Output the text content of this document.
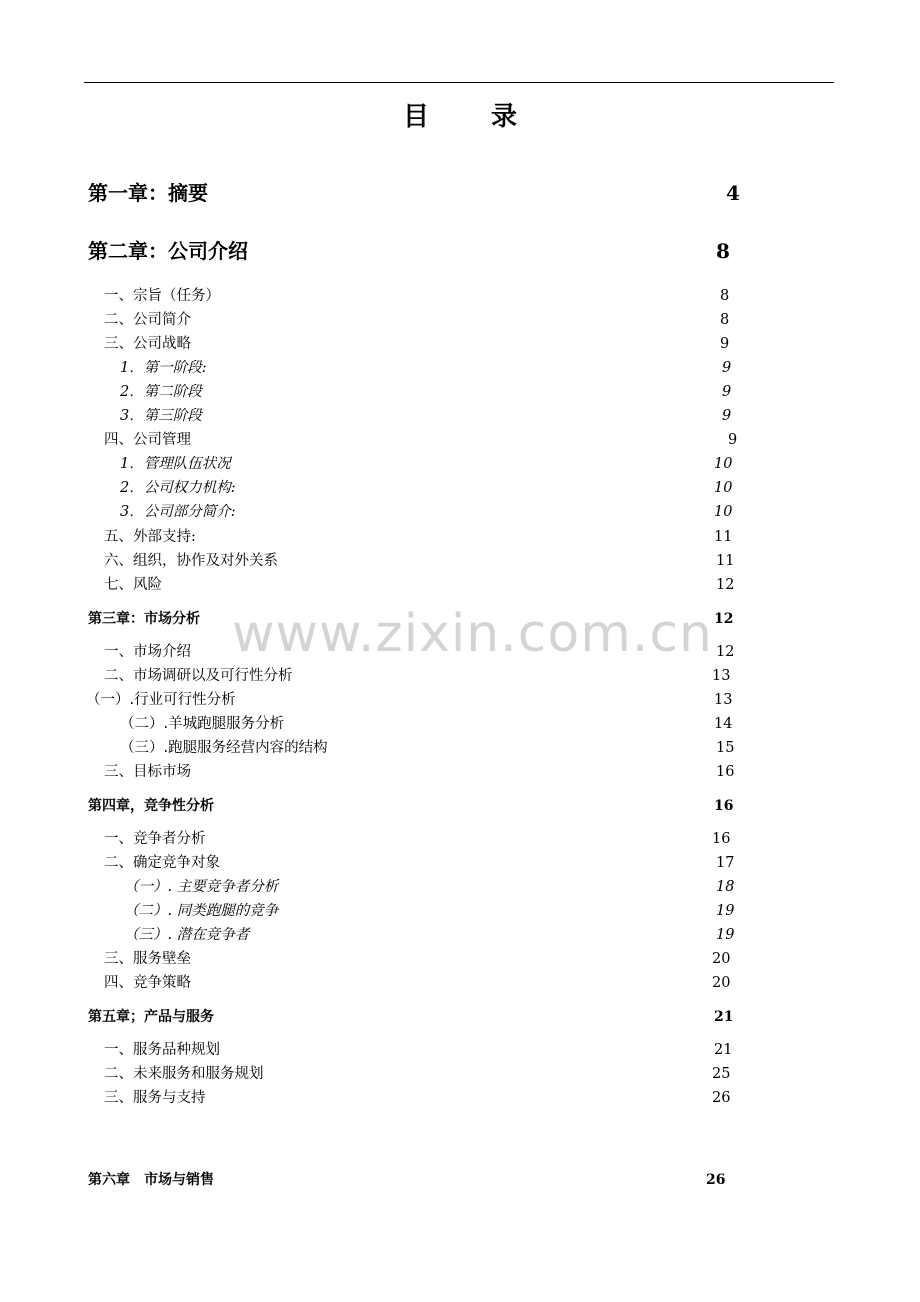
目 录
www.zixin.com.cn
第一章：摘要	4
第二章：公司介绍	8
一、宗旨（任务）	8
二、公司简介	8
三、公司战略	9
1．第一阶段:	9
2．第二阶段	9
3．第三阶段	9
四、公司管理	9
1．管理队伍状况	10
2．公司权力机构:	10
3．公司部分简介:	10
五、外部支持:	11
六、组织，协作及对外关系	11
七、风险	12
第三章：市场分析	12
一、市场介绍	12
二、市场调研以及可行性分析	13
（一）.行业可行性分析	13
（二）.羊城跑腿服务分析	14
（三）.跑腿服务经营内容的结构	15
三、目标市场	16
第四章，竞争性分析	16
一、竞争者分析	16
二、确定竞争对象	17
（一）. 主要竞争者分析	18
（二）. 同类跑腿的竞争	19
（三）. 潜在竞争者	19
三、服务壁垒	20
四、竞争策略	20
第五章；产品与服务	21
一、服务品种规划	21
二、未来服务和服务规划	25
三、服务与支持	26
第六章　市场与销售	26
